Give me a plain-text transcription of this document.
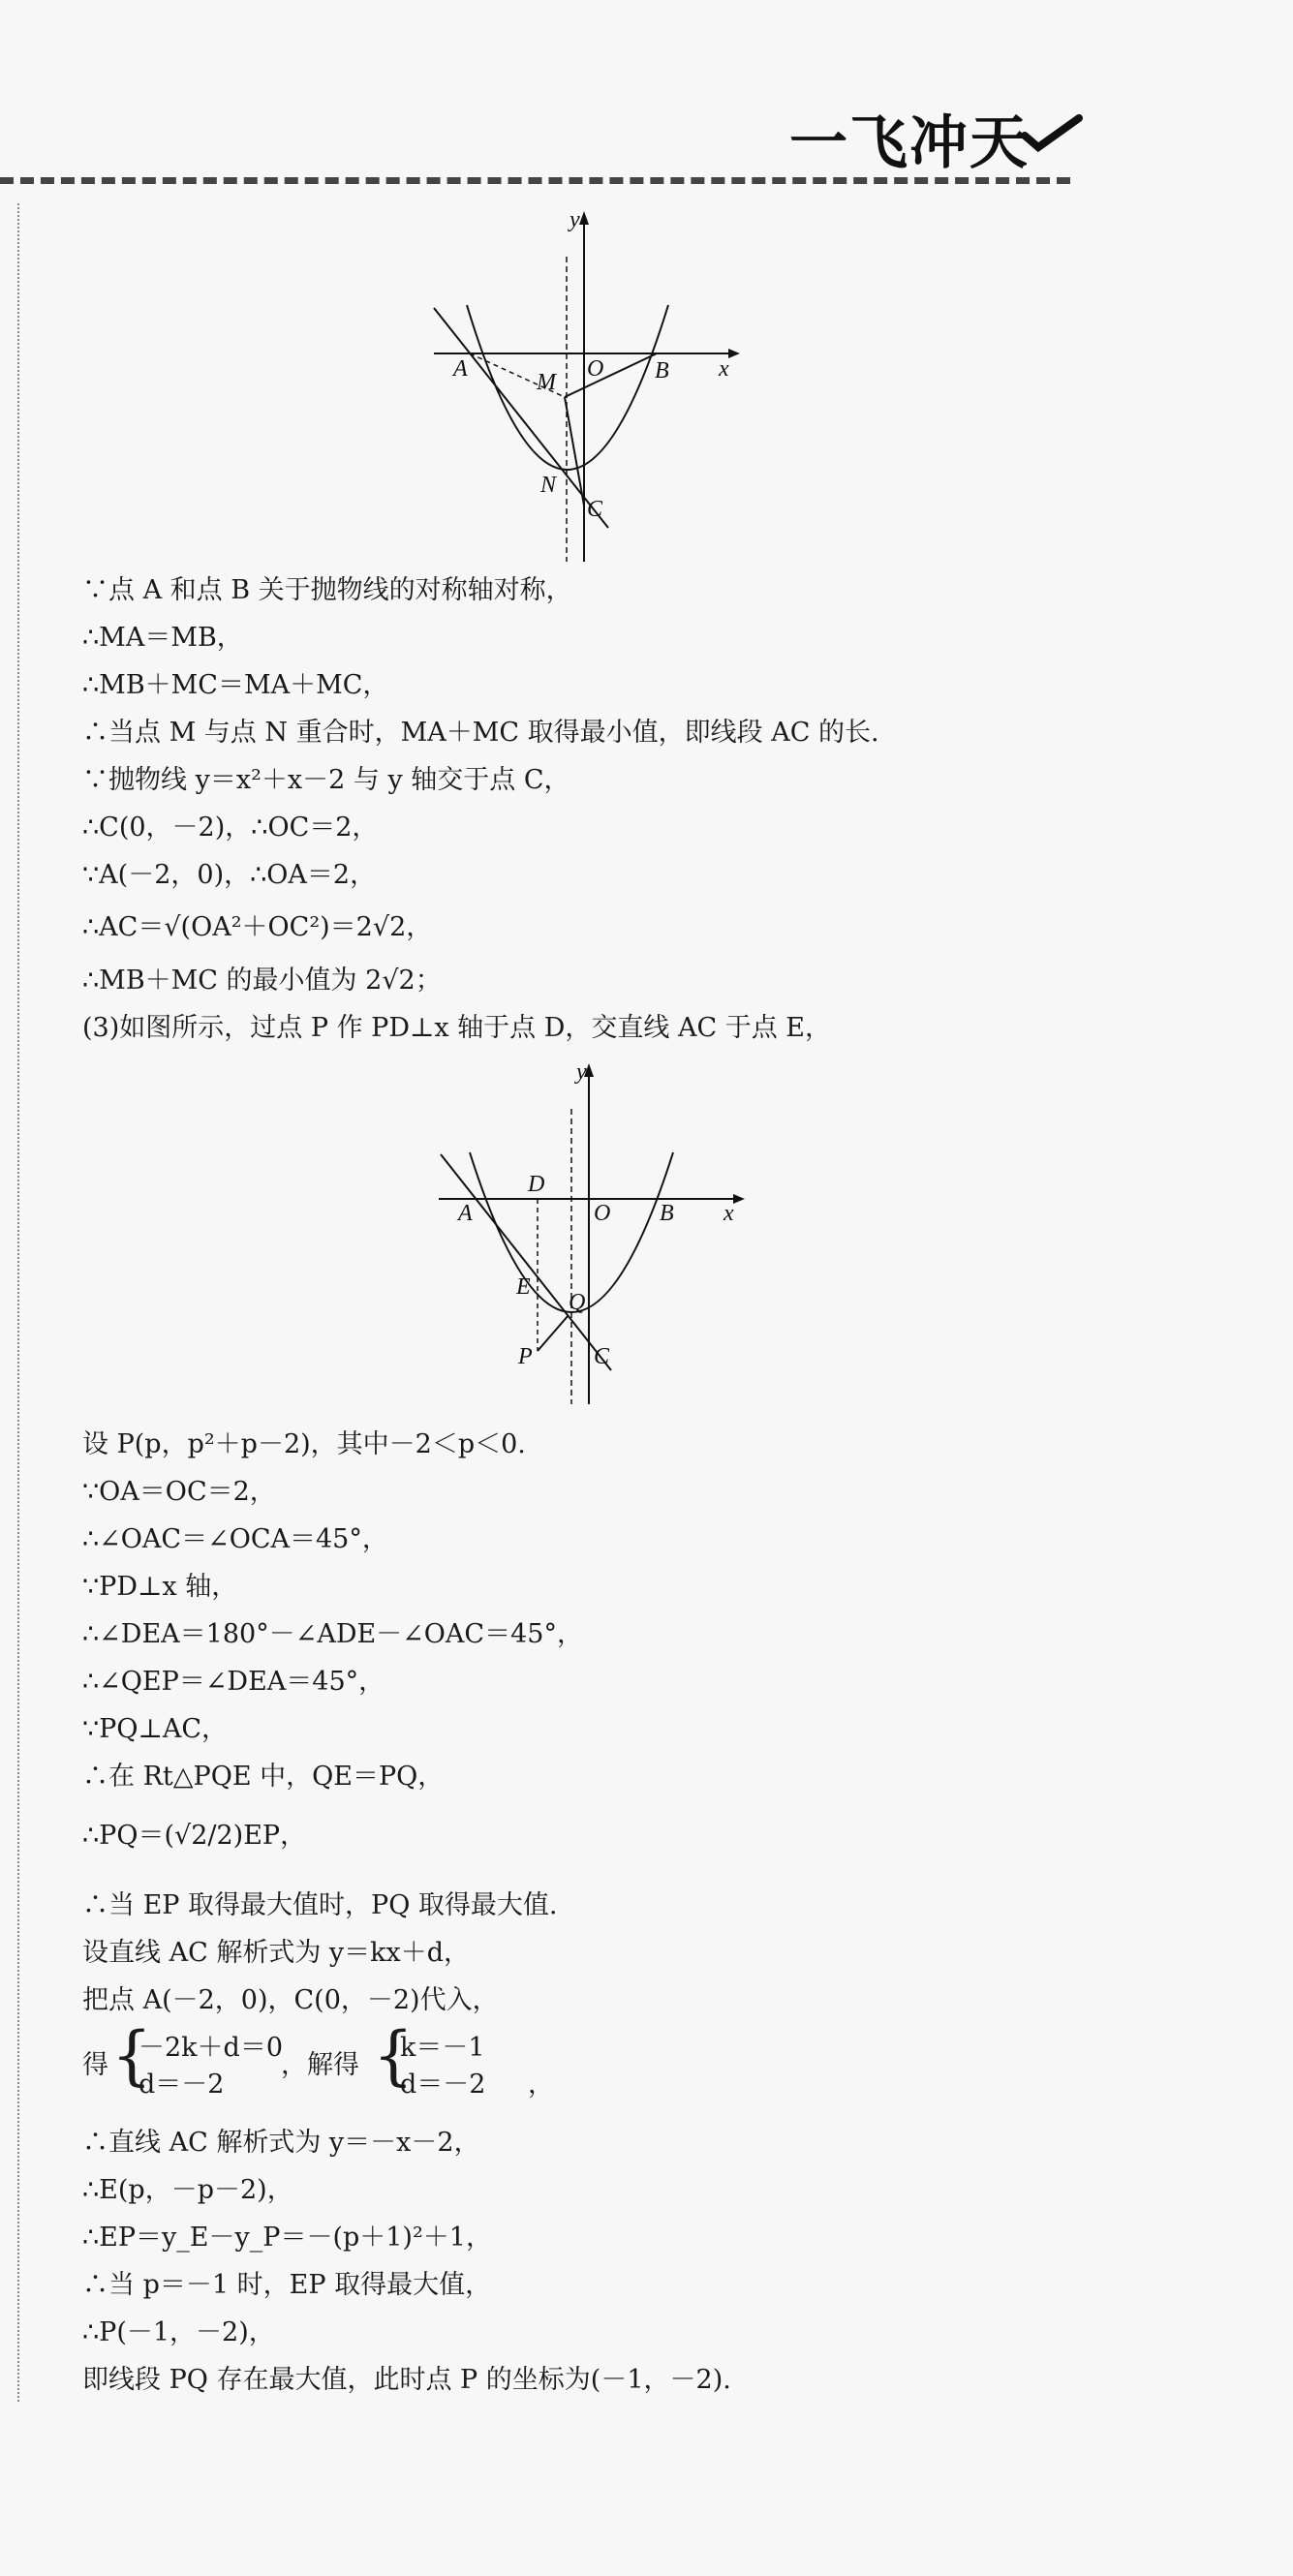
一飞冲天
y
x
A	O B
M
N
C
y
x
A	O B
D
E
Q
P	C
∵点 A 和点 B 关于抛物线的对称轴对称，
∴MA＝MB，
∴MB＋MC＝MA＋MC，
∴当点 M 与点 N 重合时，MA＋MC 取得最小值，即线段 AC 的长.
∵抛物线 y＝x²＋x－2 与 y 轴交于点 C，
∴C(0，－2)，∴OC＝2，
∵A(－2，0)，∴OA＝2，
∴AC＝√(OA²＋OC²)＝2√2，
∴MB＋MC 的最小值为 2√2；
(3)如图所示，过点 P 作 PD⊥x 轴于点 D，交直线 AC 于点 E，
设 P(p，p²＋p－2)，其中－2＜p＜0.
∵OA＝OC＝2，
∴∠OAC＝∠OCA＝45°，
∵PD⊥x 轴，
∴∠DEA＝180°－∠ADE－∠OAC＝45°，
∴∠QEP＝∠DEA＝45°，
∵PQ⊥AC，
∴在 Rt△PQE 中，QE＝PQ，
∴PQ＝(√2/2)EP，
∴当 EP 取得最大值时，PQ 取得最大值.
设直线 AC 解析式为 y＝kx＋d，
把点 A(－2，0)，C(0，－2)代入，
得 {
－2k＋d＝0
d＝－2
，解得 {
k＝－1
d＝－2 ，
∴直线 AC 解析式为 y＝－x－2，
∴E(p，－p－2)，
∴EP＝y_E－y_P＝－(p＋1)²＋1，
∴当 p＝－1 时，EP 取得最大值，
∴P(－1，－2)，
即线段 PQ 存在最大值，此时点 P 的坐标为(－1，－2).
